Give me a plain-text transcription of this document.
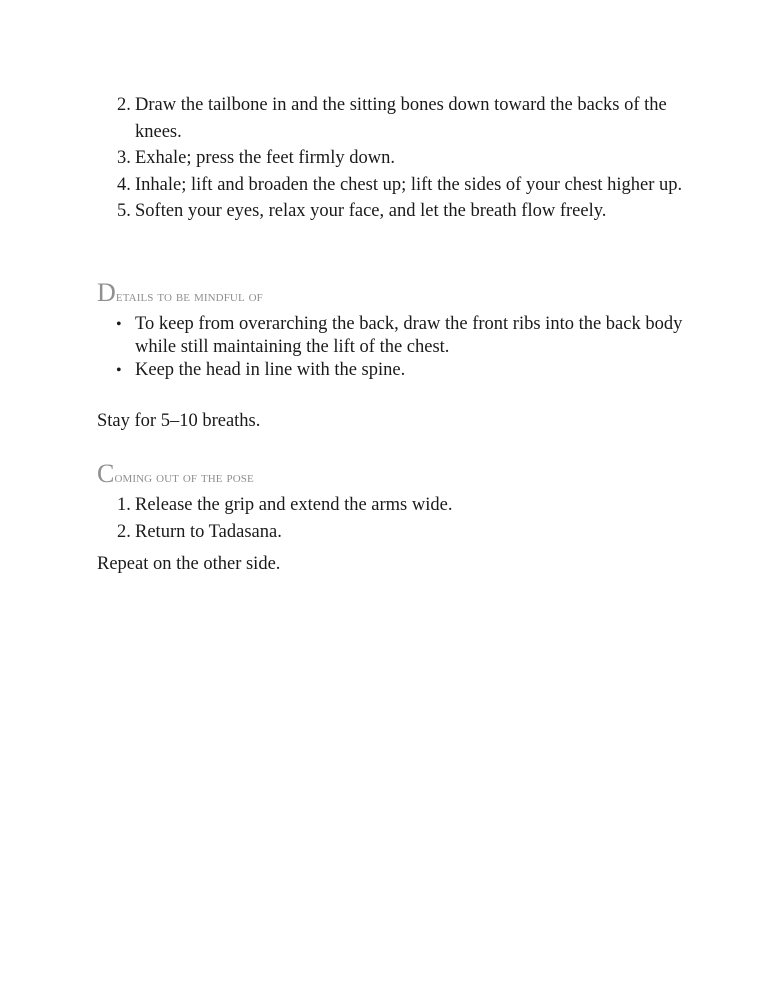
2. Draw the tailbone in and the sitting bones down toward the backs of the knees.
3. Exhale; press the feet firmly down.
4. Inhale; lift and broaden the chest up; lift the sides of your chest higher up.
5. Soften your eyes, relax your face, and let the breath flow freely.
Details to be mindful of
• To keep from overarching the back, draw the front ribs into the back body while still maintaining the lift of the chest.
• Keep the head in line with the spine.

Stay for 5–10 breaths.

Coming out of the pose
1. Release the grip and extend the arms wide.
2. Return to Tadasana.

Repeat on the other side.
